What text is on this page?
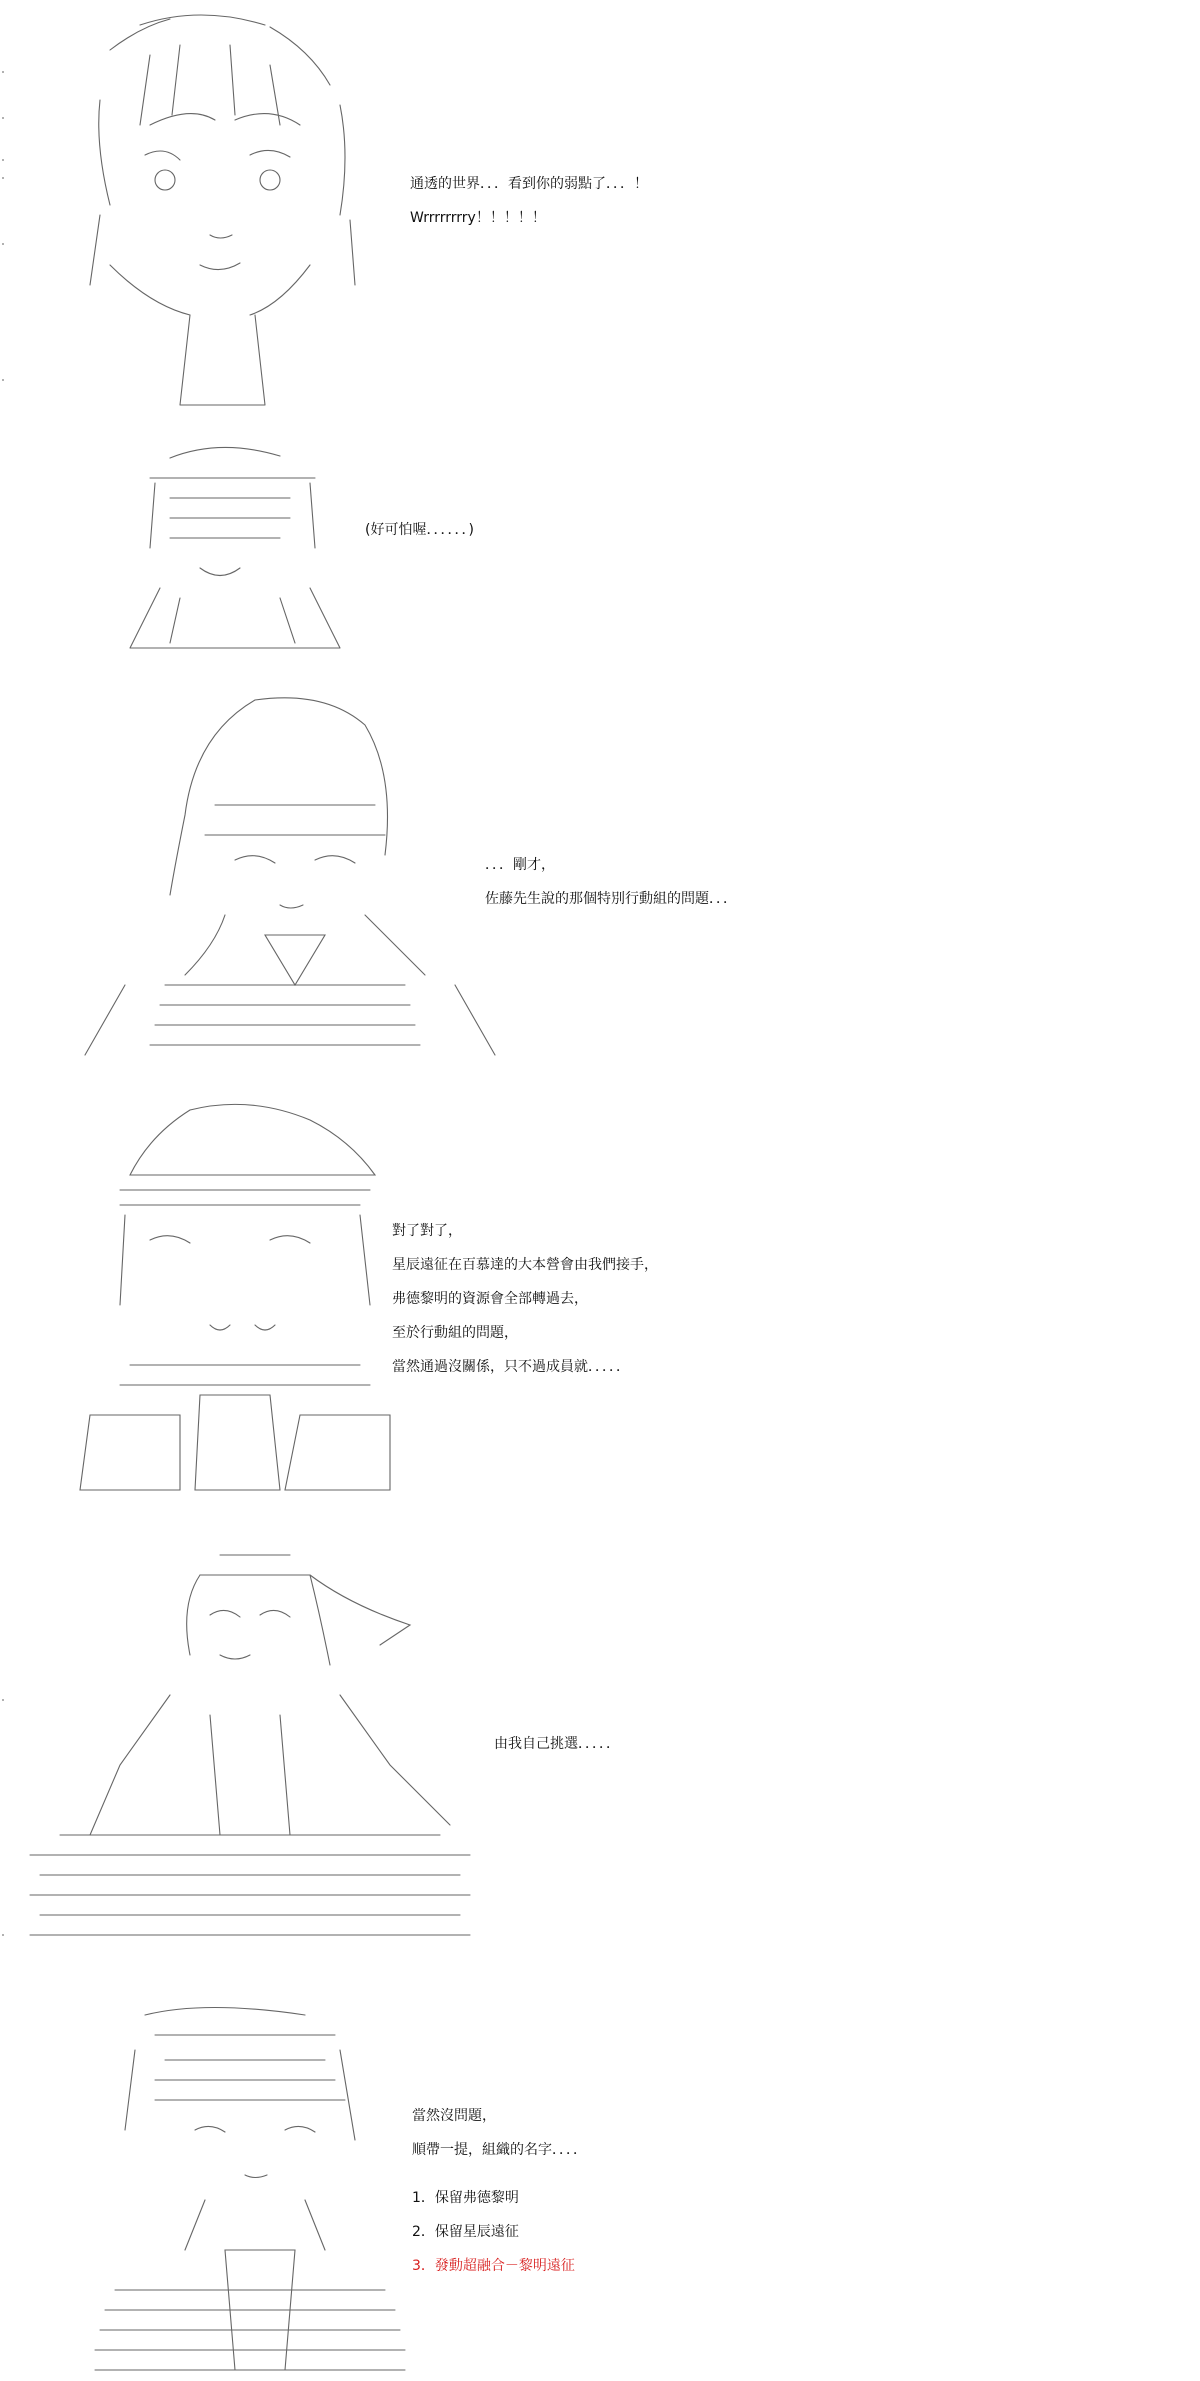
通透的世界．．．看到你的弱點了．．．！
Wrrrrrrrry！！！！！
(好可怕喔．．．．．．)
．．．剛才，
佐藤先生說的那個特別行動組的問題．．．
對了對了，
星辰遠征在百慕達的大本營會由我們接手，
弗德黎明的資源會全部轉過去，
至於行動組的問題，
當然通過沒關係，只不過成員就．．．．．
由我自己挑選．．．．．
當然沒問題，
順帶一提，組織的名字．．．．
1．保留弗德黎明
2．保留星辰遠征
3．發動超融合－黎明遠征
